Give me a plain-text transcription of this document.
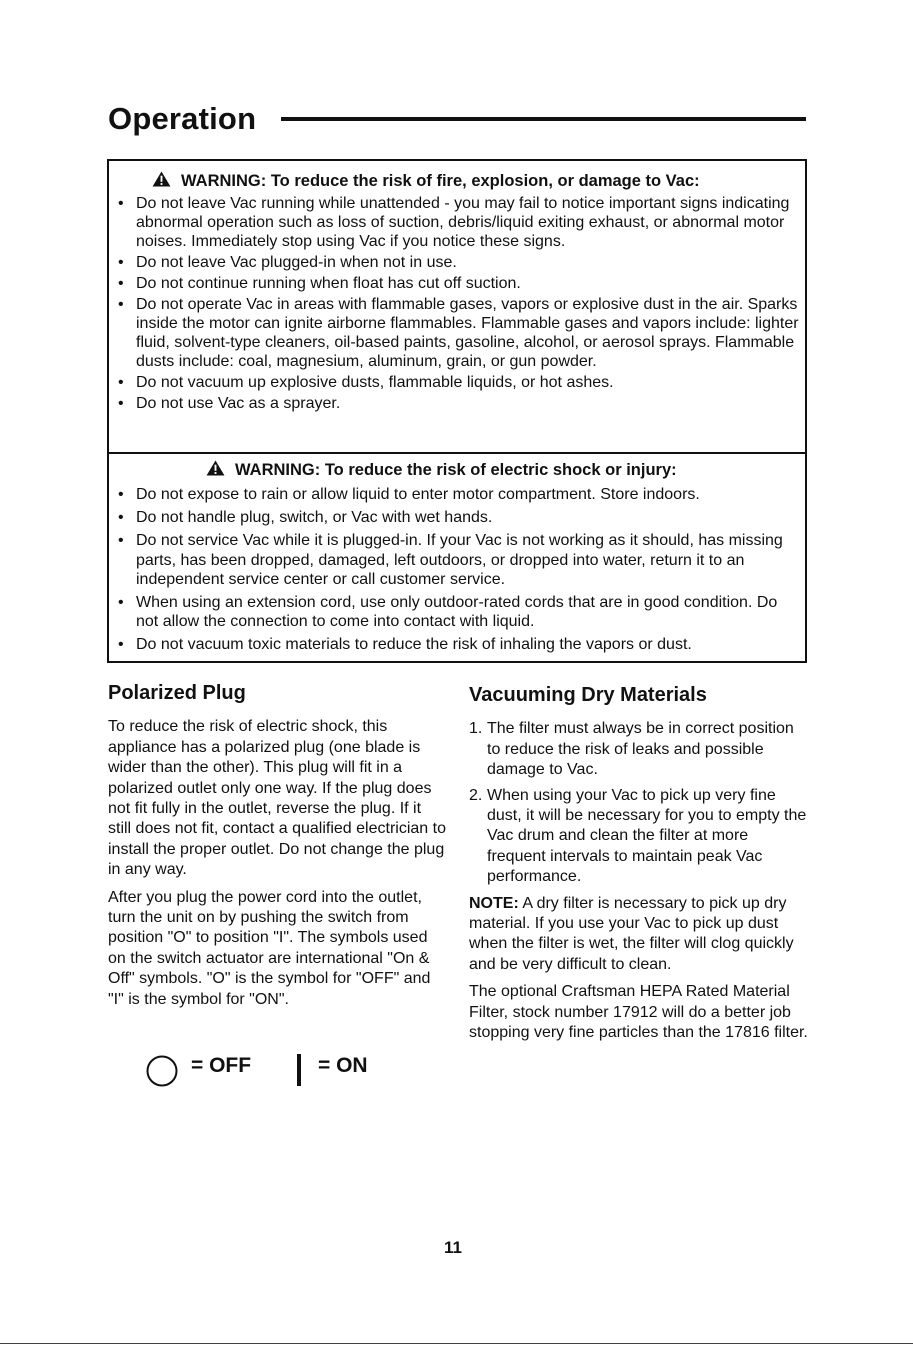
Operation
WARNING: To reduce the risk of fire, explosion, or damage to Vac:
• Do not leave Vac running while unattended - you may fail to notice important signs indicating abnormal operation such as loss of suction, debris/liquid exiting exhaust, or abnormal motor noises. Immediately stop using Vac if you notice these signs.
• Do not leave Vac plugged-in when not in use.
• Do not continue running when float has cut off suction.
• Do not operate Vac in areas with flammable gases, vapors or explosive dust in the air. Sparks inside the motor can ignite airborne flammables. Flammable gases and vapors include: lighter fluid, solvent-type cleaners, oil-based paints, gasoline, alcohol, or aerosol sprays. Flammable dusts include: coal, magnesium, aluminum, grain, or gun powder.
• Do not vacuum up explosive dusts, flammable liquids, or hot ashes.
• Do not use Vac as a sprayer.
WARNING: To reduce the risk of electric shock or injury:
• Do not expose to rain or allow liquid to enter motor compartment. Store indoors.
• Do not handle plug, switch, or Vac with wet hands.
• Do not service Vac while it is plugged-in. If your Vac is not working as it should, has missing parts, has been dropped, damaged, left outdoors, or dropped into water, return it to an independent service center or call customer service.
• When using an extension cord, use only outdoor-rated cords that are in good condition. Do not allow the connection to come into contact with liquid.
• Do not vacuum toxic materials to reduce the risk of inhaling the vapors or dust.
Polarized Plug

To reduce the risk of electric shock, this appliance has a polarized plug (one blade is wider than the other). This plug will fit in a polarized outlet only one way. If the plug does not fit fully in the outlet, reverse the plug. If it still does not fit, contact a qualified electrician to install the proper outlet. Do not change the plug in any way.

After you plug the power cord into the outlet, turn the unit on by pushing the switch from position "O" to position "I". The symbols used on the switch actuator are international "On & Off" symbols. "O" is the symbol for "OFF" and "I" is the symbol for "ON".

= OFF	= ON
Vacuuming Dry Materials
1. The filter must always be in correct position to reduce the risk of leaks and possible damage to Vac.
2. When using your Vac to pick up very fine dust, it will be necessary for you to empty the Vac drum and clean the filter at more frequent intervals to maintain peak Vac performance.

NOTE: A dry filter is necessary to pick up dry material. If you use your Vac to pick up dust when the filter is wet, the filter will clog quickly and be very difficult to clean.

The optional Craftsman HEPA Rated Material Filter, stock number 17912 will do a better job stopping very fine particles than the 17816 filter.

11
